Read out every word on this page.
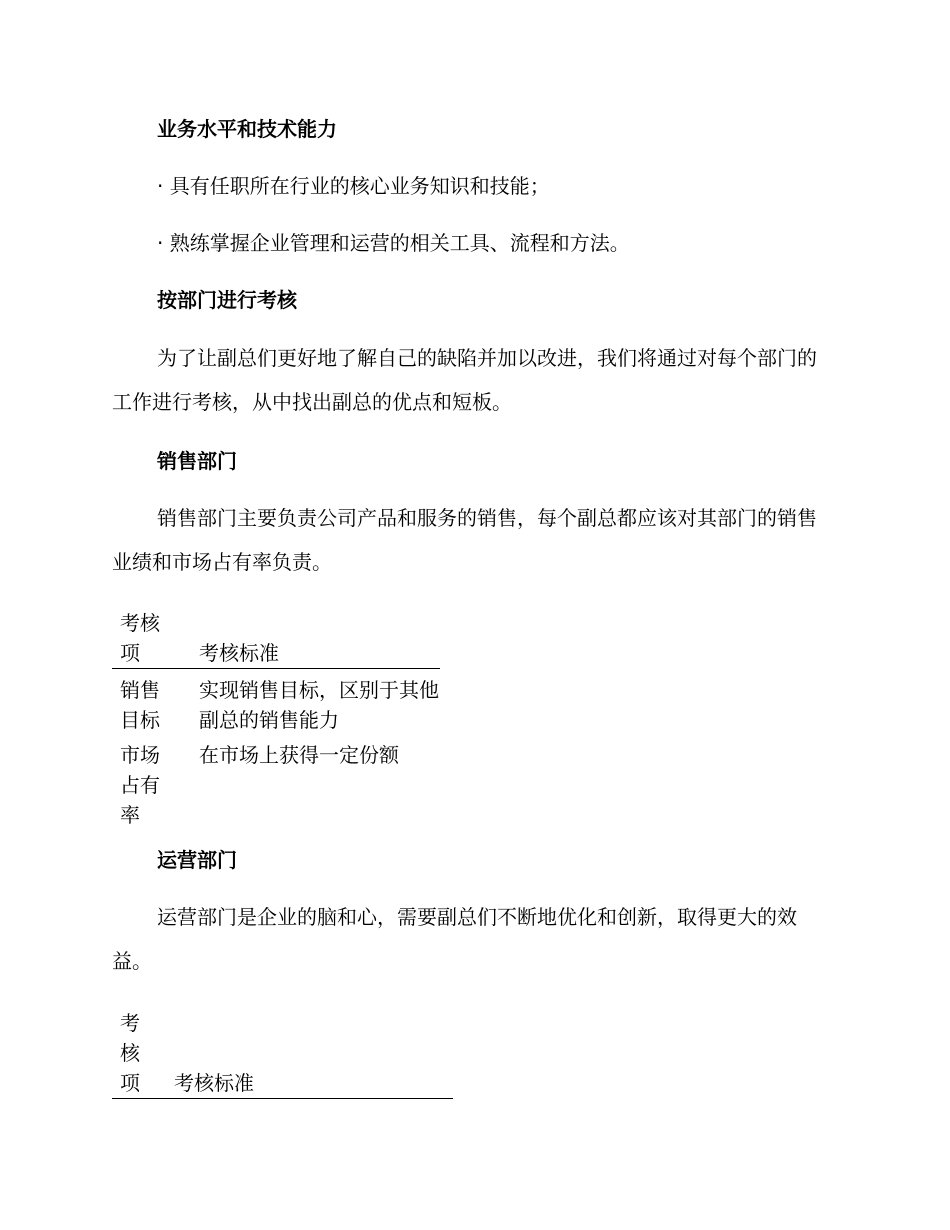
业务水平和技术能力

· 具有任职所在行业的核心业务知识和技能；

· 熟练掌握企业管理和运营的相关工具、流程和方法。

按部门进行考核

为了让副总们更好地了解自己的缺陷并加以改进，我们将通过对每个部门的工作进行考核，从中找出副总的优点和短板。

销售部门

销售部门主要负责公司产品和服务的销售，每个副总都应该对其部门的销售业绩和市场占有率负责。

考核项	考核标准
销售目标	实现销售目标，区别于其他副总的销售能力
市场占有率	在市场上获得一定份额
运营部门

运营部门是企业的脑和心，需要副总们不断地优化和创新，取得更大的效益。

考核项	考核标准
